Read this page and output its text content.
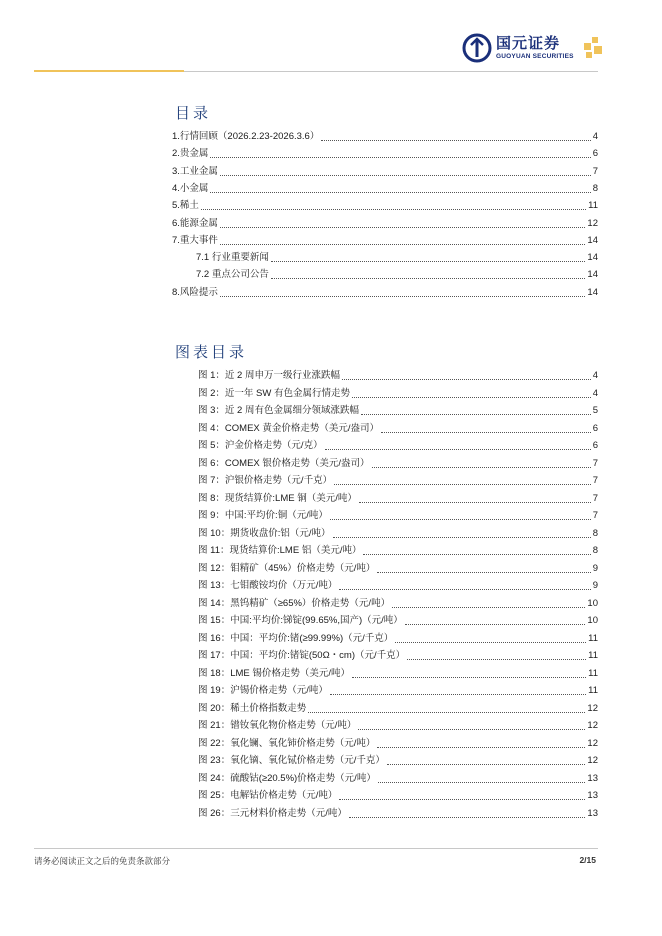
国元证券
GUOYUAN SECURITIES
目录
1.行情回顾（2026.2.23-2026.3.6）	4
2.贵金属	6
3.工业金属	7
4.小金属	8
5.稀土	11
6.能源金属	12
7.重大事件	14
7.1 行业重要新闻	14
7.2 重点公司公告	14
8.风险提示	14
图表目录
图 1：近 2 周申万一级行业涨跌幅	4
图 2：近一年 SW 有色金属行情走势	4
图 3：近 2 周有色金属细分领域涨跌幅	5
图 4：COMEX 黄金价格走势（美元/盎司）	6
图 5：沪金价格走势（元/克）	6
图 6：COMEX 银价格走势（美元/盎司）	7
图 7：沪银价格走势（元/千克）	7
图 8：现货结算价:LME 铜（美元/吨）	7
图 9：中国:平均价:铜（元/吨）	7
图 10：期货收盘价:铝（元/吨）	8
图 11：现货结算价:LME 铝（美元/吨）	8
图 12：钼精矿（45%）价格走势（元/吨）	9
图 13：七钼酸铵均价（万元/吨）	9
图 14：黑钨精矿（≥65%）价格走势（元/吨）	10
图 15：中国:平均价:锑锭(99.65%,国产)（元/吨）	10
图 16：中国：平均价:锗(≥99.99%)（元/千克）	11
图 17：中国：平均价:锗锭(50Ω・cm)（元/千克）	11
图 18：LME 锡价格走势（美元/吨）	11
图 19：沪锡价格走势（元/吨）	11
图 20：稀土价格指数走势	12
图 21：镨钕氧化物价格走势（元/吨）	12
图 22：氧化镧、氧化铈价格走势（元/吨）	12
图 23：氧化镝、氧化铽价格走势（元/千克）	12
图 24：硫酸钴(≥20.5%)价格走势（元/吨）	13
图 25：电解钴价格走势（元/吨）	13
图 26：三元材料价格走势（元/吨）	13
请务必阅读正文之后的免责条款部分	2/15
